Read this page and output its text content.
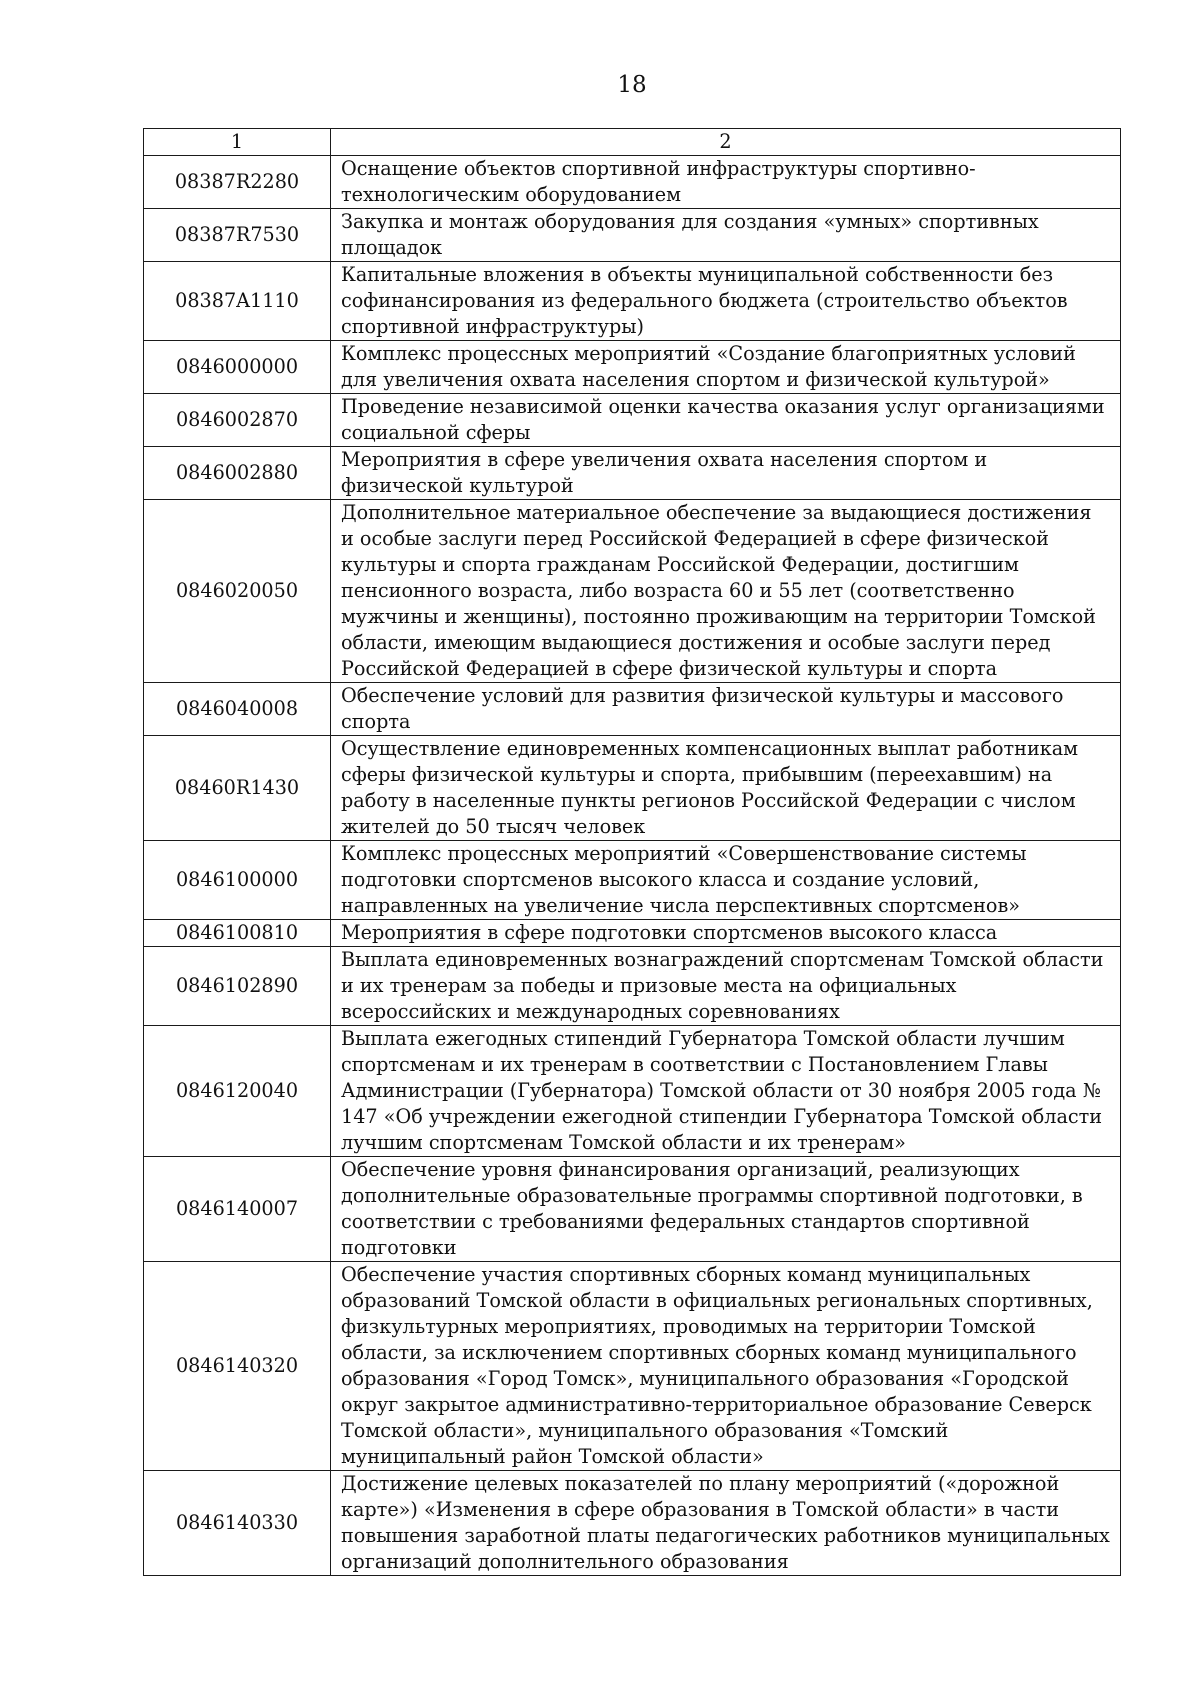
18
1	2
08387R2280	Оснащение объектов спортивной инфраструктуры спортивно-технологическим оборудованием
08387R7530	Закупка и монтаж оборудования для создания «умных» спортивных площадок
08387A1110	Капитальные вложения в объекты муниципальной собственности без софинансирования из федерального бюджета (строительство объектов спортивной инфраструктуры)
0846000000	Комплекс процессных мероприятий «Создание благоприятных условий для увеличения охвата населения спортом и физической культурой»
0846002870	Проведение независимой оценки качества оказания услуг организациями социальной сферы
0846002880	Мероприятия в сфере увеличения охвата населения спортом и физической культурой
0846020050	Дополнительное материальное обеспечение за выдающиеся достижения и особые заслуги перед Российской Федерацией в сфере физической культуры и спорта гражданам Российской Федерации, достигшим пенсионного возраста, либо возраста 60 и 55 лет (соответственно мужчины и женщины), постоянно проживающим на территории Томской области, имеющим выдающиеся достижения и особые заслуги перед Российской Федерацией в сфере физической культуры и спорта
0846040008	Обеспечение условий для развития физической культуры и массового спорта
08460R1430	Осуществление единовременных компенсационных выплат работникам сферы физической культуры и спорта, прибывшим (переехавшим) на работу в населенные пункты регионов Российской Федерации с числом жителей до 50 тысяч человек
0846100000	Комплекс процессных мероприятий «Совершенствование системы подготовки спортсменов высокого класса и создание условий, направленных на увеличение числа перспективных спортсменов»
0846100810	Мероприятия в сфере подготовки спортсменов высокого класса
0846102890	Выплата единовременных вознаграждений спортсменам Томской области и их тренерам за победы и призовые места на официальных всероссийских и международных соревнованиях
0846120040	Выплата ежегодных стипендий Губернатора Томской области лучшим спортсменам и их тренерам в соответствии с Постановлением Главы Администрации (Губернатора) Томской области от 30 ноября 2005 года № 147 «Об учреждении ежегодной стипендии Губернатора Томской области лучшим спортсменам Томской области и их тренерам»
0846140007	Обеспечение уровня финансирования организаций, реализующих дополнительные образовательные программы спортивной подготовки, в соответствии с требованиями федеральных стандартов спортивной подготовки
0846140320	Обеспечение участия спортивных сборных команд муниципальных образований Томской области в официальных региональных спортивных, физкультурных мероприятиях, проводимых на территории Томской области, за исключением спортивных сборных команд муниципального образования «Город Томск», муниципального образования «Городской округ закрытое административно-территориальное образование Северск Томской области», муниципального образования «Томский муниципальный район Томской области»
0846140330	Достижение целевых показателей по плану мероприятий («дорожной карте») «Изменения в сфере образования в Томской области» в части повышения заработной платы педагогических работников муниципальных организаций дополнительного образования
